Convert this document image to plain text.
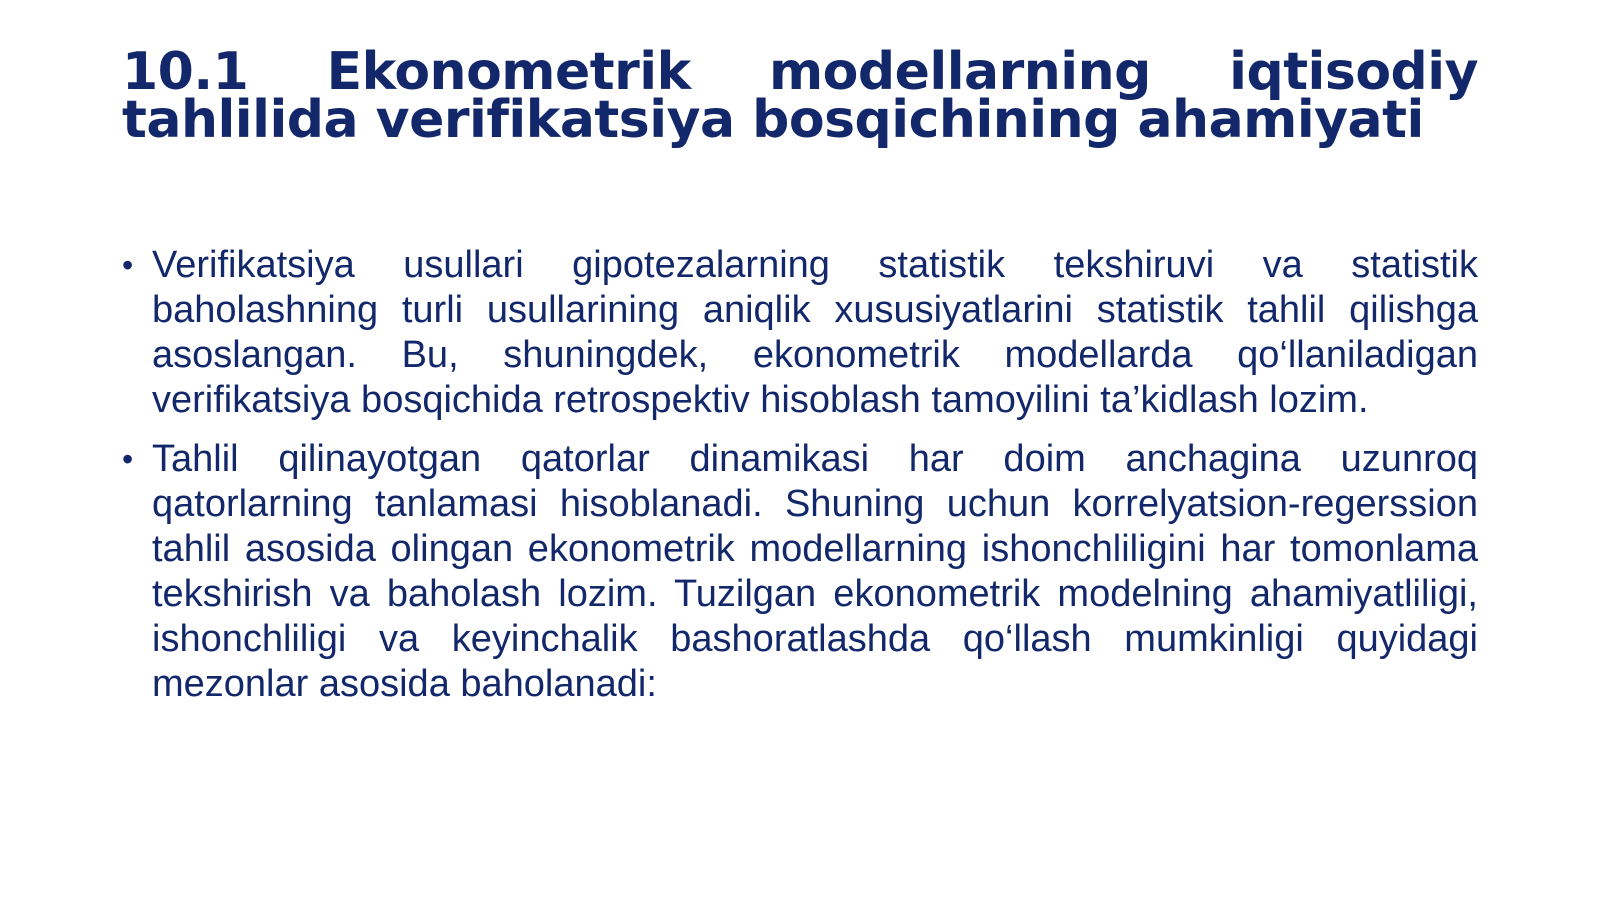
10.1 Ekonometrik modellarning iqtisodiy tahlilida verifikatsiya bosqichining ahamiyati
• Verifikatsiya usullari gipotezalarning statistik tekshiruvi va statistik baholashning turli usullarining aniqlik xususiyatlarini statistik tahlil qilishga asoslangan. Bu, shuningdek, ekonometrik modellarda qo‘llaniladigan verifikatsiya bosqichida retrospektiv hisoblash tamoyilini ta’kidlash lozim.
• Tahlil qilinayotgan qatorlar dinamikasi har doim anchagina uzunroq qatorlarning tanlamasi hisoblanadi. Shuning uchun korrelyatsion-regerssion tahlil asosida olingan ekonometrik modellarning ishonchliligini har tomonlama tekshirish va baholash lozim. Tuzilgan ekonometrik modelning ahamiyatliligi, ishonchliligi va keyinchalik bashoratlashda qo‘llash mumkinligi quyidagi mezonlar asosida baholanadi:
